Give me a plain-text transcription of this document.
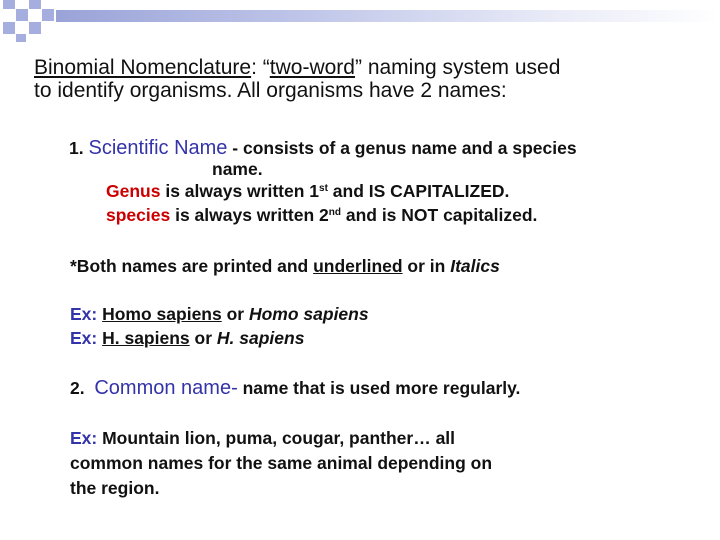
Binomial Nomenclature: “two-word” naming system used
to identify organisms. All organisms have 2 names:
1. Scientific Name - consists of a genus name and a species
name.
Genus is always written 1st and IS CAPITALIZED.
species is always written 2nd and is NOT capitalized.
*Both names are printed and underlined or in Italics
Ex: Homo sapiens or Homo sapiens
Ex: H. sapiens or H. sapiens
2. Common name- name that is used more regularly.
Ex: Mountain lion, puma, cougar, panther… all
common names for the same animal depending on
the region.
